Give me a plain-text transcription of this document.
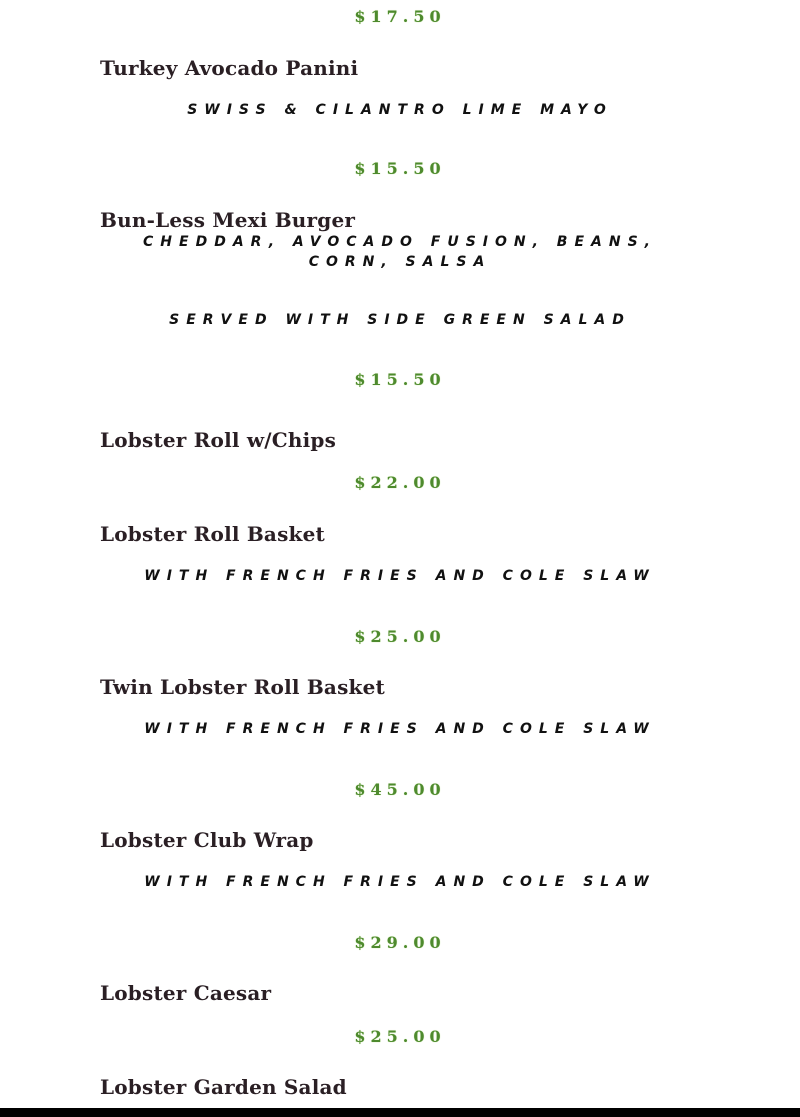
$17.50
Turkey Avocado Panini
SWISS & CILANTRO LIME MAYO
$15.50
Bun-Less Mexi Burger
CHEDDAR, AVOCADO FUSION, BEANS, CORN, SALSA
SERVED WITH SIDE GREEN SALAD
$15.50
Lobster Roll w/Chips
$22.00
Lobster Roll Basket
WITH FRENCH FRIES AND COLE SLAW
$25.00
Twin Lobster Roll Basket
WITH FRENCH FRIES AND COLE SLAW
$45.00
Lobster Club Wrap
WITH FRENCH FRIES AND COLE SLAW
$29.00
Lobster Caesar
$25.00
Lobster Garden Salad
